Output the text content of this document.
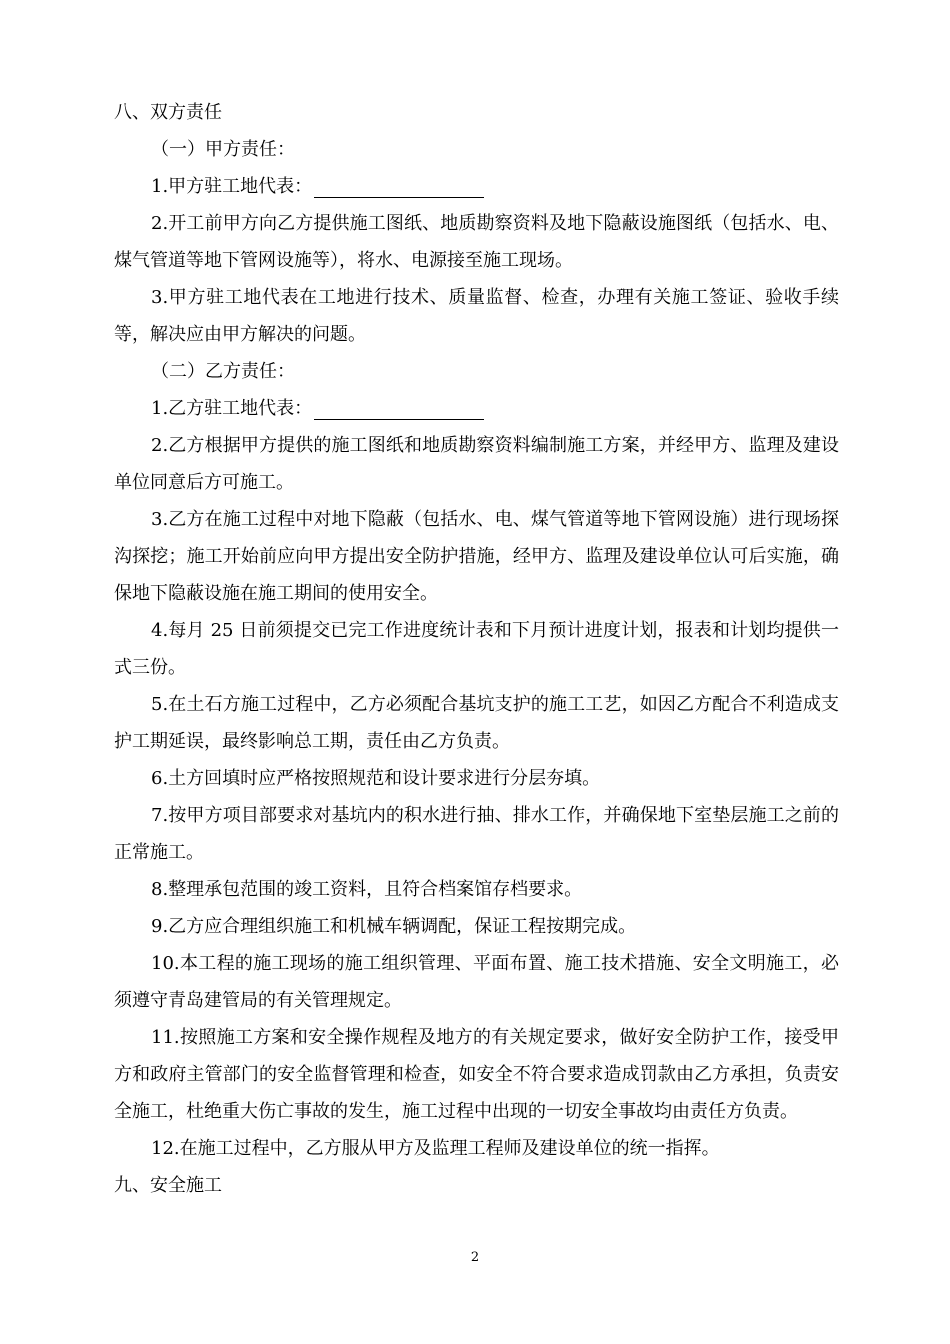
八、双方责任

（一）甲方责任：

1.甲方驻工地代表：

2.开工前甲方向乙方提供施工图纸、地质勘察资料及地下隐蔽设施图纸（包括水、电、煤气管道等地下管网设施等），将水、电源接至施工现场。

3.甲方驻工地代表在工地进行技术、质量监督、检查，办理有关施工签证、验收手续等，解决应由甲方解决的问题。

（二）乙方责任：

1.乙方驻工地代表：

2.乙方根据甲方提供的施工图纸和地质勘察资料编制施工方案，并经甲方、监理及建设单位同意后方可施工。

3.乙方在施工过程中对地下隐蔽（包括水、电、煤气管道等地下管网设施）进行现场探沟探挖；施工开始前应向甲方提出安全防护措施，经甲方、监理及建设单位认可后实施，确保地下隐蔽设施在施工期间的使用安全。

4.每月 25 日前须提交已完工作进度统计表和下月预计进度计划，报表和计划均提供一式三份。

5.在土石方施工过程中，乙方必须配合基坑支护的施工工艺，如因乙方配合不利造成支护工期延误，最终影响总工期，责任由乙方负责。

6.土方回填时应严格按照规范和设计要求进行分层夯填。

7.按甲方项目部要求对基坑内的积水进行抽、排水工作，并确保地下室垫层施工之前的正常施工。

8.整理承包范围的竣工资料，且符合档案馆存档要求。

9.乙方应合理组织施工和机械车辆调配，保证工程按期完成。

10.本工程的施工现场的施工组织管理、平面布置、施工技术措施、安全文明施工，必须遵守青岛建管局的有关管理规定。

11.按照施工方案和安全操作规程及地方的有关规定要求，做好安全防护工作，接受甲方和政府主管部门的安全监督管理和检查，如安全不符合要求造成罚款由乙方承担，负责安全施工，杜绝重大伤亡事故的发生，施工过程中出现的一切安全事故均由责任方负责。

12.在施工过程中，乙方服从甲方及监理工程师及建设单位的统一指挥。

九、安全施工

2
